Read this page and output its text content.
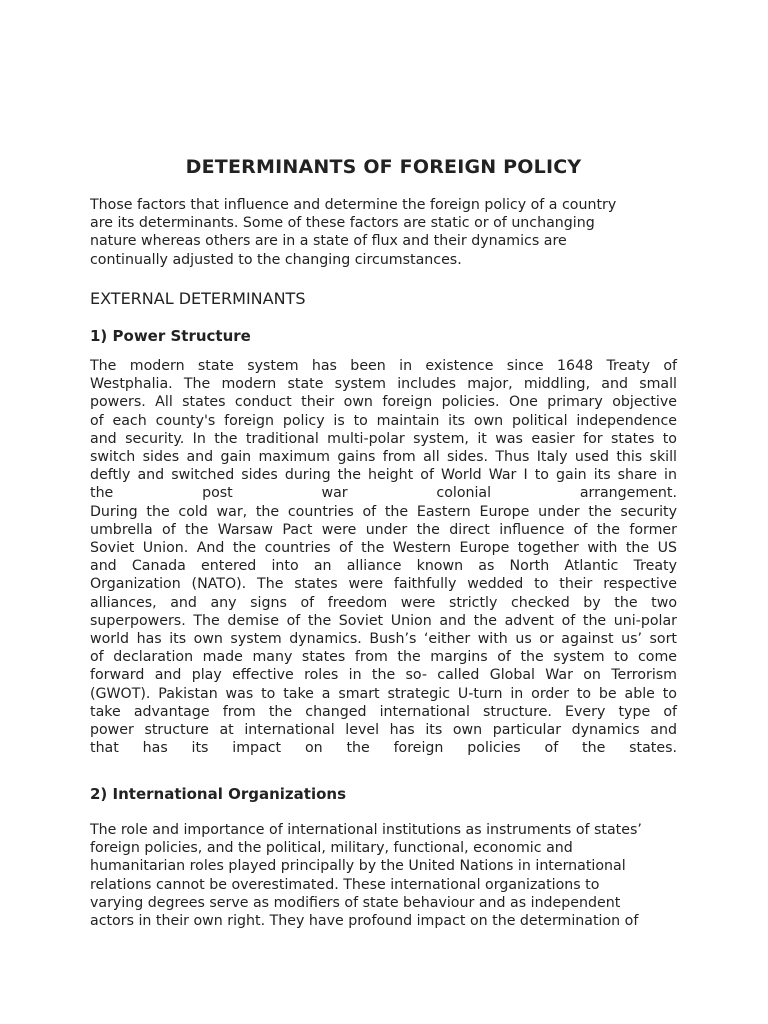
DETERMINANTS OF FOREIGN POLICY

Those factors that influence and determine the foreign policy of a country
are its determinants. Some of these factors are static or of unchanging
nature whereas others are in a state of flux and their dynamics are
continually adjusted to the changing circumstances.

EXTERNAL DETERMINANTS
1) Power Structure

The modern state system has been in existence since 1648 Treaty of
Westphalia. The modern state system includes major, middling, and small
powers. All states conduct their own foreign policies. One primary objective
of each county's foreign policy is to maintain its own political independence
and security. In the traditional multi-polar system, it was easier for states to
switch sides and gain maximum gains from all sides. Thus Italy used this skill
deftly and switched sides during the height of World War I to gain its share in
the post war colonial arrangement.
During the cold war, the countries of the Eastern Europe under the security
umbrella of the Warsaw Pact were under the direct influence of the former
Soviet Union. And the countries of the Western Europe together with the US
and Canada entered into an alliance known as North Atlantic Treaty
Organization (NATO). The states were faithfully wedded to their respective
alliances, and any signs of freedom were strictly checked by the two
superpowers. The demise of the Soviet Union and the advent of the uni-polar
world has its own system dynamics. Bush’s ‘either with us or against us’ sort
of declaration made many states from the margins of the system to come
forward and play effective roles in the so- called Global War on Terrorism
(GWOT). Pakistan was to take a smart strategic U-turn in order to be able to
take advantage from the changed international structure. Every type of
power structure at international level has its own particular dynamics and
that has its impact on the foreign policies of the states.

2) International Organizations

The role and importance of international institutions as instruments of states’
foreign policies, and the political, military, functional, economic and
humanitarian roles played principally by the United Nations in international
relations cannot be overestimated. These international organizations to
varying degrees serve as modifiers of state behaviour and as independent
actors in their own right. They have profound impact on the determination of
